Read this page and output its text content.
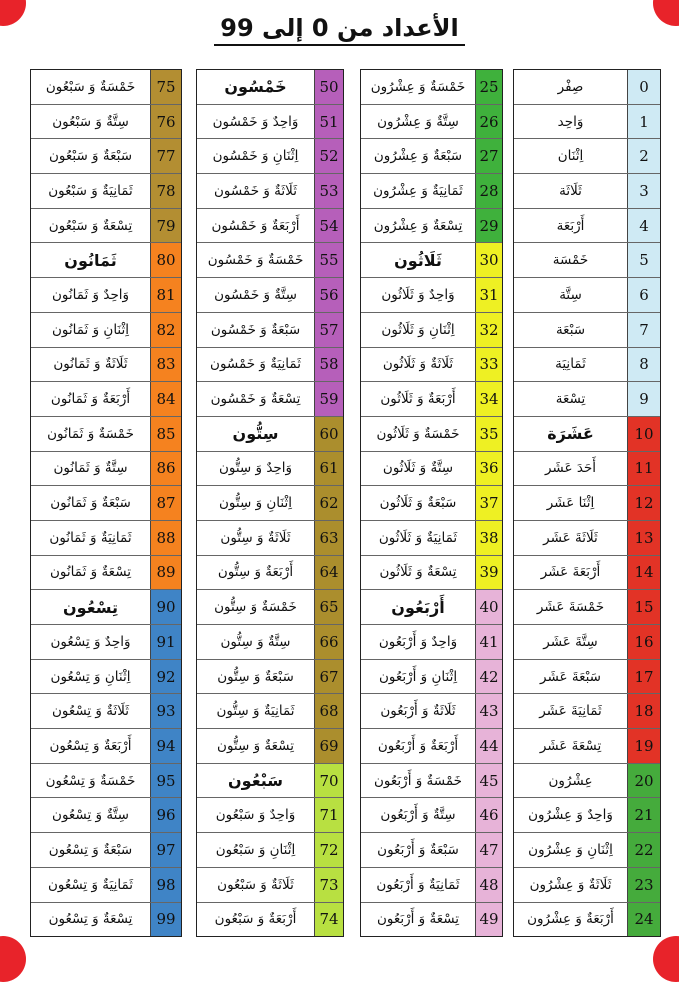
الأعداد من 0 إلى 99
صِفْر	0
وَاحِد	1
اِثْنَان	2
ثَلَاثَة	3
أَرْبَعَة	4
خَمْسَة	5
سِتَّة	6
سَبْعَة	7
ثَمَانِيَة	8
تِسْعَة	9
عَشَرَة	10
أَحَدَ عَشَر	11
اِثْنَا عَشَر	12
ثَلَاثَةَ عَشَر	13
أَرْبَعَةَ عَشَر	14
خَمْسَةَ عَشَر	15
سِتَّةَ عَشَر	16
سَبْعَةَ عَشَر	17
ثَمَانِيَةَ عَشَر	18
تِسْعَةَ عَشَر	19
عِشْرُون	20
وَاحِدٌ وَ عِشْرُون	21
اِثْنَانِ وَ عِشْرُون	22
ثَلَاثَةٌ وَ عِشْرُون	23
أَرْبَعَةٌ وَ عِشْرُون	24
خَمْسَةٌ وَ عِشْرُون 25
سِتَّةٌ وَ عِشْرُون	26
سَبْعَةٌ وَ عِشْرُون	27
ثَمَانِيَةٌ وَ عِشْرُون	28
تِسْعَةٌ وَ عِشْرُون	29
ثَلَاثُون	30
وَاحِدٌ وَ ثَلَاثُون	31
اِثْنَانِ وَ ثَلَاثُون	32
ثَلَاثَةٌ وَ ثَلَاثُون	33
أَرْبَعَةٌ وَ ثَلَاثُون	34
خَمْسَةٌ وَ ثَلَاثُون	35
سِتَّةٌ وَ ثَلَاثُون	36
سَبْعَةٌ وَ ثَلَاثُون	37
ثَمَانِيَةٌ وَ ثَلَاثُون	38
تِسْعَةٌ وَ ثَلَاثُون	39
أَرْبَعُون	40
وَاحِدٌ وَ أَرْبَعُون	41
اِثْنَانِ وَ أَرْبَعُون	42
ثَلَاثَةٌ وَ أَرْبَعُون	43
أَرْبَعَةٌ وَ أَرْبَعُون	44
خَمْسَةٌ وَ أَرْبَعُون	45
سِتَّةٌ وَ أَرْبَعُون	46
سَبْعَةٌ وَ أَرْبَعُون	47
ثَمَانِيَةٌ وَ أَرْبَعُون	48
تِسْعَةٌ وَ أَرْبَعُون	49
خَمْسُون	50
وَاحِدٌ وَ خَمْسُون	51
اِثْنَانِ وَ خَمْسُون	52
ثَلَاثَةٌ وَ خَمْسُون	53
أَرْبَعَةٌ وَ خَمْسُون	54
خَمْسَةٌ وَ خَمْسُون	55
سِتَّةٌ وَ خَمْسُون	56
سَبْعَةٌ وَ خَمْسُون	57
ثَمَانِيَةٌ وَ خَمْسُون	58
تِسْعَةٌ وَ خَمْسُون	59
سِتُّون	60
وَاحِدٌ وَ سِتُّون	61
اِثْنَانِ وَ سِتُّون	62
ثَلَاثَةٌ وَ سِتُّون	63
أَرْبَعَةٌ وَ سِتُّون	64
خَمْسَةٌ وَ سِتُّون	65
سِتَّةٌ وَ سِتُّون	66
سَبْعَةٌ وَ سِتُّون	67
ثَمَانِيَةٌ وَ سِتُّون	68
تِسْعَةٌ وَ سِتُّون	69
سَبْعُون	70
وَاحِدٌ وَ سَبْعُون	71
اِثْنَانِ وَ سَبْعُون	72
ثَلَاثَةٌ وَ سَبْعُون	73
أَرْبَعَةٌ وَ سَبْعُون	74
خَمْسَةٌ وَ سَبْعُون	75
سِتَّةٌ وَ سَبْعُون	76
سَبْعَةٌ وَ سَبْعُون	77
ثَمَانِيَةٌ وَ سَبْعُون	78
تِسْعَةٌ وَ سَبْعُون	79
ثَمَانُون	80
وَاحِدٌ وَ ثَمَانُون	81
اِثْنَانِ وَ ثَمَانُون	82
ثَلَاثَةٌ وَ ثَمَانُون	83
أَرْبَعَةٌ وَ ثَمَانُون	84
خَمْسَةٌ وَ ثَمَانُون	85
سِتَّةٌ وَ ثَمَانُون	86
سَبْعَةٌ وَ ثَمَانُون	87
ثَمَانِيَةٌ وَ ثَمَانُون	88
تِسْعَةٌ وَ ثَمَانُون	89
تِسْعُون	90
وَاحِدٌ وَ تِسْعُون	91
اِثْنَانِ وَ تِسْعُون	92
ثَلَاثَةٌ وَ تِسْعُون	93
أَرْبَعَةٌ وَ تِسْعُون	94
خَمْسَةٌ وَ تِسْعُون	95
سِتَّةٌ وَ تِسْعُون	96
سَبْعَةٌ وَ تِسْعُون	97
ثَمَانِيَةٌ وَ تِسْعُون	98
تِسْعَةٌ وَ تِسْعُون	99
